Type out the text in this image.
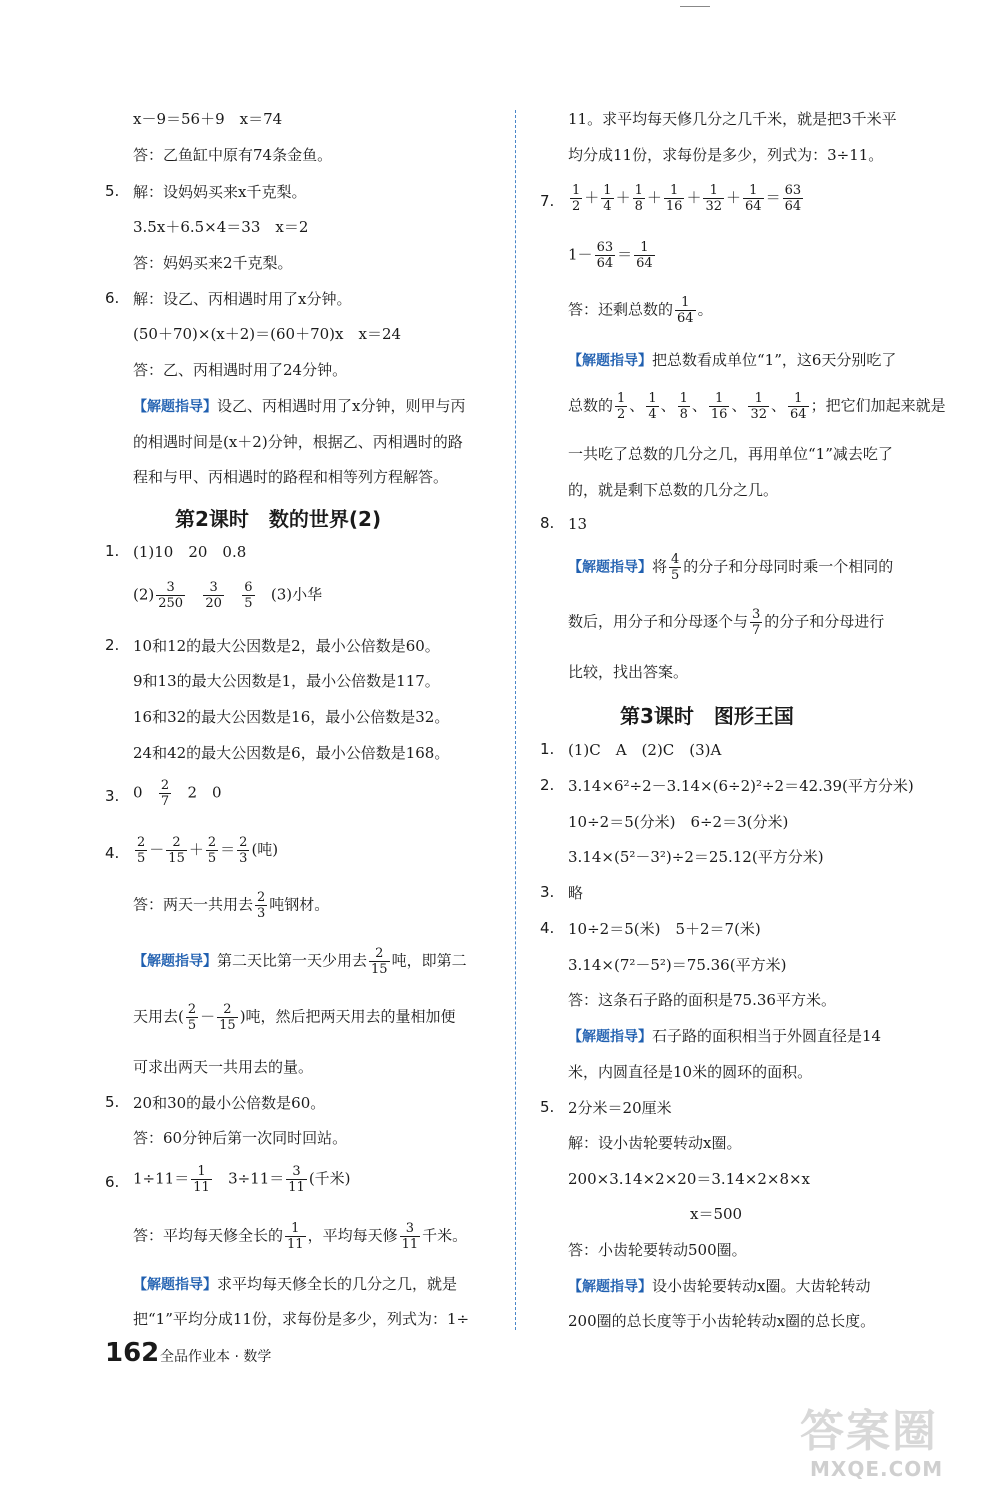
x－9＝56＋9　x＝74
答：乙鱼缸中原有74条金鱼。
5. 解：设妈妈买来x千克梨。
3.5x＋6.5×4＝33　x＝2
答：妈妈买来2千克梨。
6. 解：设乙、丙相遇时用了x分钟。
(50＋70)×(x＋2)＝(60＋70)x　x＝24
答：乙、丙相遇时用了24分钟。
【解题指导】设乙、丙相遇时用了x分钟，则甲与丙
的相遇时间是(x＋2)分钟，根据乙、丙相遇时的路
程和与甲、丙相遇时的路程和相等列方程解答。
第2课时　数的世界(2)
1. (1)10　20　0.8
$(2) \frac{3}{250}$
$\frac{3}{20}$
$\frac{6}{5} (3)$小华
2. 10和12的最大公因数是2，最小公倍数是60。
9和13的最大公因数是1，最小公倍数是117。
16和32的最大公因数是16，最小公倍数是32。
24和42的最大公因数是6，最小公倍数是168。
3. $0 \frac{2}{7} 2$　0
4. $\frac{2}{5} - \frac{2}{15} + \frac{2}{5} = \frac{2}{3}$ (吨)
答：两天一共用去 $\frac{2}{3}$ 吨钢材。
【解题指导】第二天比第一天少用去 $\frac{2}{15}$ 吨，即第二
天用去( $\frac{2}{5} - \frac{2}{15}$ )吨，然后把两天用去的量相加便
可求出两天一共用去的量。
5. 20和30的最小公倍数是60。
答：60分钟后第一次同时回站。
6. $1\div 11= \frac{1}{11} 3\div 11= \frac{3}{11}$ (千米)
答：平均每天修全长的 $\frac{1}{11}$ ，平均每天修 $\frac{3}{11}$ 千米。
【解题指导】求平均每天修全长的几分之几，就是
把“1”平均分成11份，求每份是多少，列式为：1÷
11。求平均每天修几分之几千米，就是把3千米平
均分成11份，求每份是多少，列式为：3÷11。
7. $\frac{1}{2} + \frac{1}{4} + \frac{1}{8} + \frac{1}{16} + \frac{1}{32} + \frac{1}{64} = \frac{63}{64}$
$1- \frac{63}{64} = \frac{1}{64}$
答：还剩总数的 $\frac{1}{64}$ 。
【解题指导】把总数看成单位“1”，这6天分别吃了
总数的 $\frac{1}{2}$ 、 $\frac{1}{4}$ 、 $\frac{1}{8}$ 、 $\frac{1}{16}$ 、 $\frac{1}{32}$ 、 $\frac{1}{64}$ ；把它们加起来就是
一共吃了总数的几分之几，再用单位“1”减去吃了
的，就是剩下总数的几分之几。
8. 13
【解题指导】将 $\frac{4}{5}$ 的分子和分母同时乘一个相同的
数后，用分子和分母逐个与 $\frac{3}{7}$ 的分子和分母进行
比较，找出答案。
第3课时　图形王国
1. (1)C　A　(2)C　(3)A
2. 3.14×6²÷2－3.14×(6÷2)²÷2＝42.39(平方分米)
10÷2＝5(分米)　6÷2＝3(分米)
3.14×(5²－3²)÷2＝25.12(平方分米)
3. 略
4. 10÷2＝5(米)　5＋2＝7(米)
3.14×(7²－5²)＝75.36(平方米)
答：这条石子路的面积是75.36平方米。
【解题指导】石子路的面积相当于外圆直径是14
米，内圆直径是10米的圆环的面积。
5. 2分米＝20厘米
解：设小齿轮要转动x圈。
200×3.14×2×20＝3.14×2×8×x
x＝500
答：小齿轮要转动500圈。
【解题指导】设小齿轮要转动x圈。大齿轮转动
200圈的总长度等于小齿轮转动x圈的总长度。
162 全品作业本 · 数学
答案圈
MXQE.COM
